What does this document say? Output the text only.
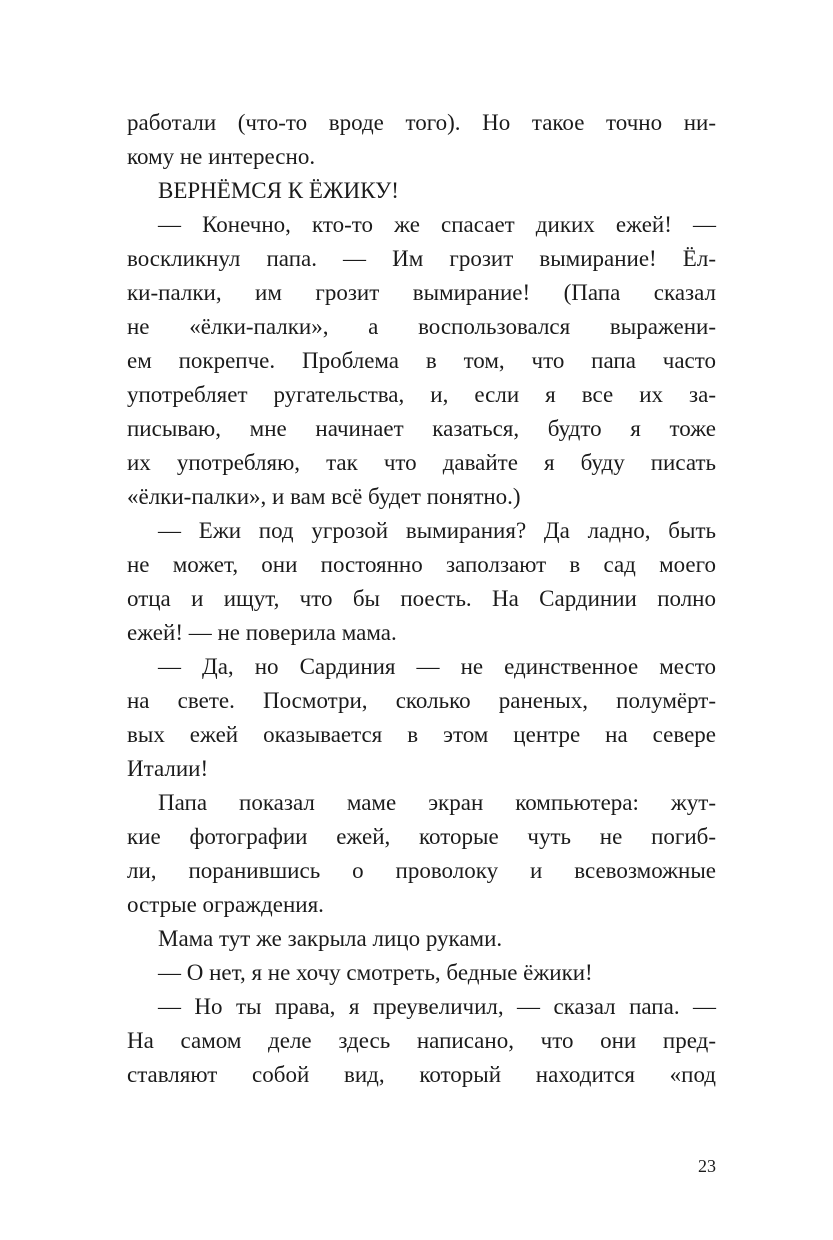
работали (что-то вроде того). Но такое точно ни-
кому не интересно.
ВЕРНЁМСЯ К ЁЖИКУ!
— Конечно, кто-то же спасает диких ежей! —
воскликнул папа. — Им грозит вымирание! Ёл-
ки-палки, им грозит вымирание! (Папа сказал
не «ёлки-палки», а воспользовался выражени-
ем покрепче. Проблема в том, что папа часто
употребляет ругательства, и, если я все их за-
писываю, мне начинает казаться, будто я тоже
их употребляю, так что давайте я буду писать
«ёлки-палки», и вам всё будет понятно.)
— Ежи под угрозой вымирания? Да ладно, быть
не может, они постоянно заползают в сад моего
отца и ищут, что бы поесть. На Сардинии полно
ежей! — не поверила мама.
— Да, но Сардиния — не единственное место
на свете. Посмотри, сколько раненых, полумёрт-
вых ежей оказывается в этом центре на севере
Италии!
Папа показал маме экран компьютера: жут-
кие фотографии ежей, которые чуть не погиб-
ли, поранившись о проволоку и всевозможные
острые ограждения.
Мама тут же закрыла лицо руками.
— О нет, я не хочу смотреть, бедные ёжики!
— Но ты права, я преувеличил, — сказал папа. —
На самом деле здесь написано, что они пред-
ставляют собой вид, который находится «под
23
